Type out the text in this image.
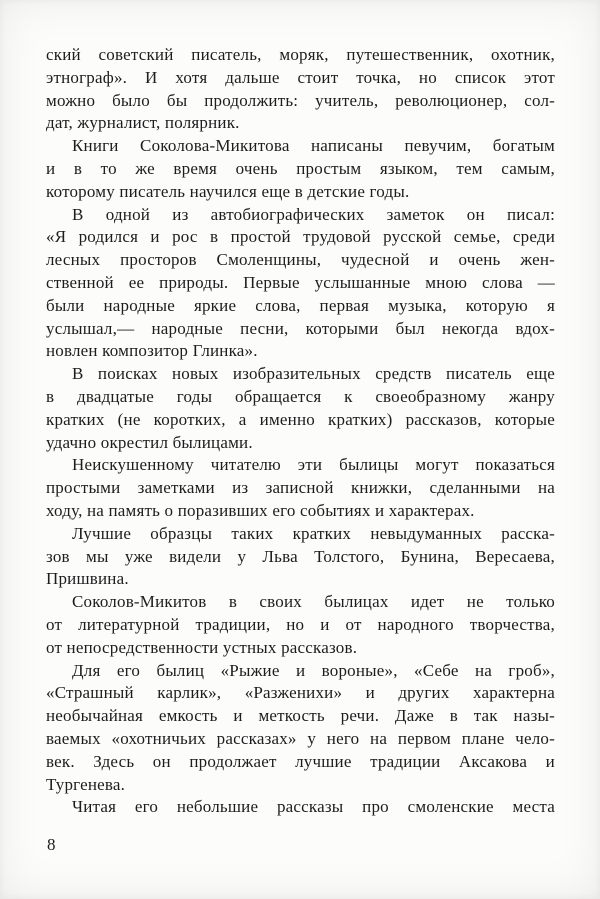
ский советский писатель, моряк, путешественник, охотник,
этнограф». И хотя дальше стоит точка, но список этот
можно было бы продолжить: учитель, революционер, сол-
дат, журналист, полярник.
Книги Соколова-Микитова написаны певучим, богатым
и в то же время очень простым языком, тем самым,
которому писатель научился еще в детские годы.
В одной из автобиографических заметок он писал:
«Я родился и рос в простой трудовой русской семье, среди
лесных просторов Смоленщины, чудесной и очень жен-
ственной ее природы. Первые услышанные мною слова —
были народные яркие слова, первая музыка, которую я
услышал,— народные песни, которыми был некогда вдох-
новлен композитор Глинка».
В поисках новых изобразительных средств писатель еще
в двадцатые годы обращается к своеобразному жанру
кратких (не коротких, а именно кратких) рассказов, которые
удачно окрестил былицами.
Неискушенному читателю эти былицы могут показаться
простыми заметками из записной книжки, сделанными на
ходу, на память о поразивших его событиях и характерах.
Лучшие образцы таких кратких невыдуманных расска-
зов мы уже видели у Льва Толстого, Бунина, Вересаева,
Пришвина.
Соколов-Микитов в своих былицах идет не только
от литературной традиции, но и от народного творчества,
от непосредственности устных рассказов.
Для его былиц «Рыжие и вороные», «Себе на гроб»,
«Страшный карлик», «Разженихи» и других характерна
необычайная емкость и меткость речи. Даже в так назы-
ваемых «охотничьих рассказах» у него на первом плане чело-
век. Здесь он продолжает лучшие традиции Аксакова и
Тургенева.
Читая его небольшие рассказы про смоленские места
8
